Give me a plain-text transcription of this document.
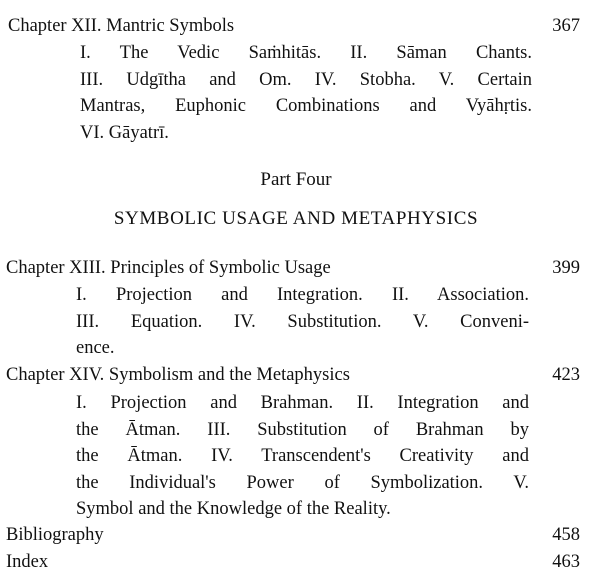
Chapter XII. Mantric Symbols	367
I. The Vedic Saṁhitās. II. Sāman Chants.
III. Udgītha and Om. IV. Stobha. V. Certain
Mantras, Euphonic Combinations and Vyāhṛtis.
VI. Gāyatrī.
Part Four
SYMBOLIC USAGE AND METAPHYSICS
Chapter XIII. Principles of Symbolic Usage	399
I. Projection and Integration. II. Association.
III. Equation. IV. Substitution. V. Conveni-
ence.
Chapter XIV. Symbolism and the Metaphysics	423
I. Projection and Brahman. II. Integration and
the Ātman. III. Substitution of Brahman by
the Ātman. IV. Transcendent's Creativity and
the Individual's Power of Symbolization. V.
Symbol and the Knowledge of the Reality.
Bibliography	458
Index	463
